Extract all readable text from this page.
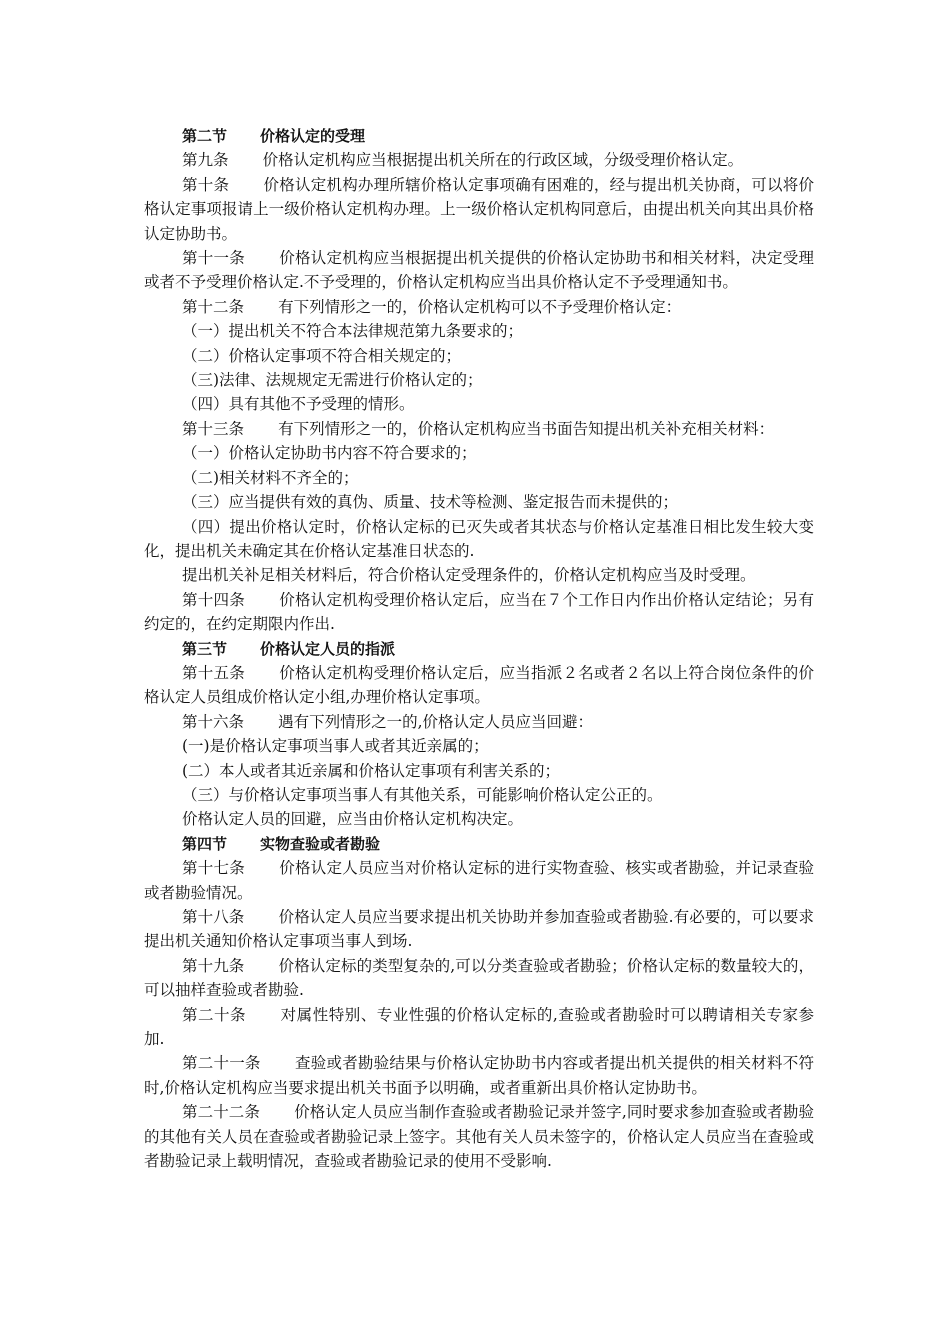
第二节 价格认定的受理

第九条 价格认定机构应当根据提出机关所在的行政区域，分级受理价格认定。

第十条 价格认定机构办理所辖价格认定事项确有困难的，经与提出机关协商，可以将价格认定事项报请上一级价格认定机构办理。上一级价格认定机构同意后，由提出机关向其出具价格认定协助书。

第十一条 价格认定机构应当根据提出机关提供的价格认定协助书和相关材料，决定受理或者不予受理价格认定.不予受理的，价格认定机构应当出具价格认定不予受理通知书。

第十二条 有下列情形之一的，价格认定机构可以不予受理价格认定：

（一）提出机关不符合本法律规范第九条要求的；

（二）价格认定事项不符合相关规定的；

（三)法律、法规规定无需进行价格认定的；

（四）具有其他不予受理的情形。

第十三条 有下列情形之一的，价格认定机构应当书面告知提出机关补充相关材料：

（一）价格认定协助书内容不符合要求的；

（二)相关材料不齐全的；

（三）应当提供有效的真伪、质量、技术等检测、鉴定报告而未提供的；

（四）提出价格认定时，价格认定标的已灭失或者其状态与价格认定基准日相比发生较大变化，提出机关未确定其在价格认定基准日状态的.

提出机关补足相关材料后，符合价格认定受理条件的，价格认定机构应当及时受理。

第十四条 价格认定机构受理价格认定后，应当在７个工作日内作出价格认定结论；另有约定的，在约定期限内作出.

第三节 价格认定人员的指派

第十五条 价格认定机构受理价格认定后，应当指派２名或者２名以上符合岗位条件的价格认定人员组成价格认定小组,办理价格认定事项。

第十六条 遇有下列情形之一的,价格认定人员应当回避：

(一)是价格认定事项当事人或者其近亲属的；

(二）本人或者其近亲属和价格认定事项有利害关系的；

（三）与价格认定事项当事人有其他关系，可能影响价格认定公正的。

价格认定人员的回避，应当由价格认定机构决定。

第四节 实物查验或者勘验

第十七条 价格认定人员应当对价格认定标的进行实物查验、核实或者勘验，并记录查验或者勘验情况。

第十八条 价格认定人员应当要求提出机关协助并参加查验或者勘验.有必要的，可以要求提出机关通知价格认定事项当事人到场.

第十九条 价格认定标的类型复杂的,可以分类查验或者勘验；价格认定标的数量较大的，可以抽样查验或者勘验.

第二十条 对属性特别、专业性强的价格认定标的,查验或者勘验时可以聘请相关专家参加.

第二十一条 查验或者勘验结果与价格认定协助书内容或者提出机关提供的相关材料不符时,价格认定机构应当要求提出机关书面予以明确，或者重新出具价格认定协助书。

第二十二条 价格认定人员应当制作查验或者勘验记录并签字,同时要求参加查验或者勘验的其他有关人员在查验或者勘验记录上签字。其他有关人员未签字的，价格认定人员应当在查验或者勘验记录上载明情况，查验或者勘验记录的使用不受影响.
